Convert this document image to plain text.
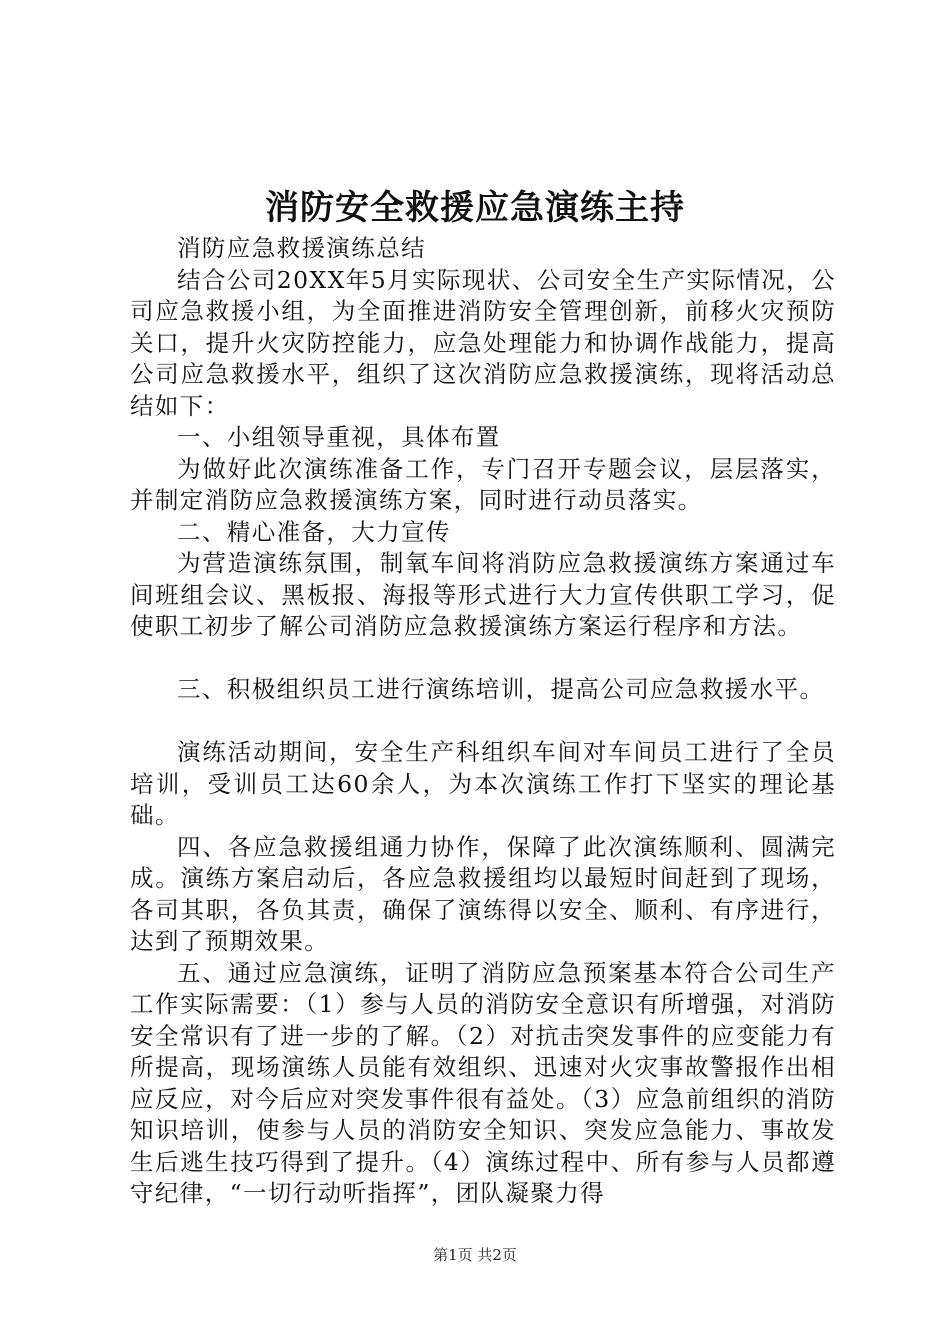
消防安全救援应急演练主持

消防应急救援演练总结

结合公司20XX年5月实际现状、公司安全生产实际情况，公司应急救援小组，为全面推进消防安全管理创新，前移火灾预防关口，提升火灾防控能力，应急处理能力和协调作战能力，提高公司应急救援水平，组织了这次消防应急救援演练，现将活动总结如下：

一、小组领导重视，具体布置

为做好此次演练准备工作，专门召开专题会议，层层落实，并制定消防应急救援演练方案，同时进行动员落实。

二、精心准备，大力宣传

为营造演练氛围，制氧车间将消防应急救援演练方案通过车间班组会议、黑板报、海报等形式进行大力宣传供职工学习，促使职工初步了解公司消防应急救援演练方案运行程序和方法。

三、积极组织员工进行演练培训，提高公司应急救援水平。

演练活动期间，安全生产科组织车间对车间员工进行了全员培训，受训员工达60余人，为本次演练工作打下坚实的理论基础。

四、各应急救援组通力协作，保障了此次演练顺利、圆满完成。演练方案启动后，各应急救援组均以最短时间赶到了现场，各司其职，各负其责，确保了演练得以安全、顺利、有序进行，达到了预期效果。

五、通过应急演练，证明了消防应急预案基本符合公司生产工作实际需要：（1）参与人员的消防安全意识有所增强，对消防安全常识有了进一步的了解。（2）对抗击突发事件的应变能力有所提高，现场演练人员能有效组织、迅速对火灾事故警报作出相应反应，对今后应对突发事件很有益处。（3）应急前组织的消防知识培训，使参与人员的消防安全知识、突发应急能力、事故发生后逃生技巧得到了提升。（4）演练过程中、所有参与人员都遵守纪律，“一切行动听指挥”，团队凝聚力得

第1页 共2页
